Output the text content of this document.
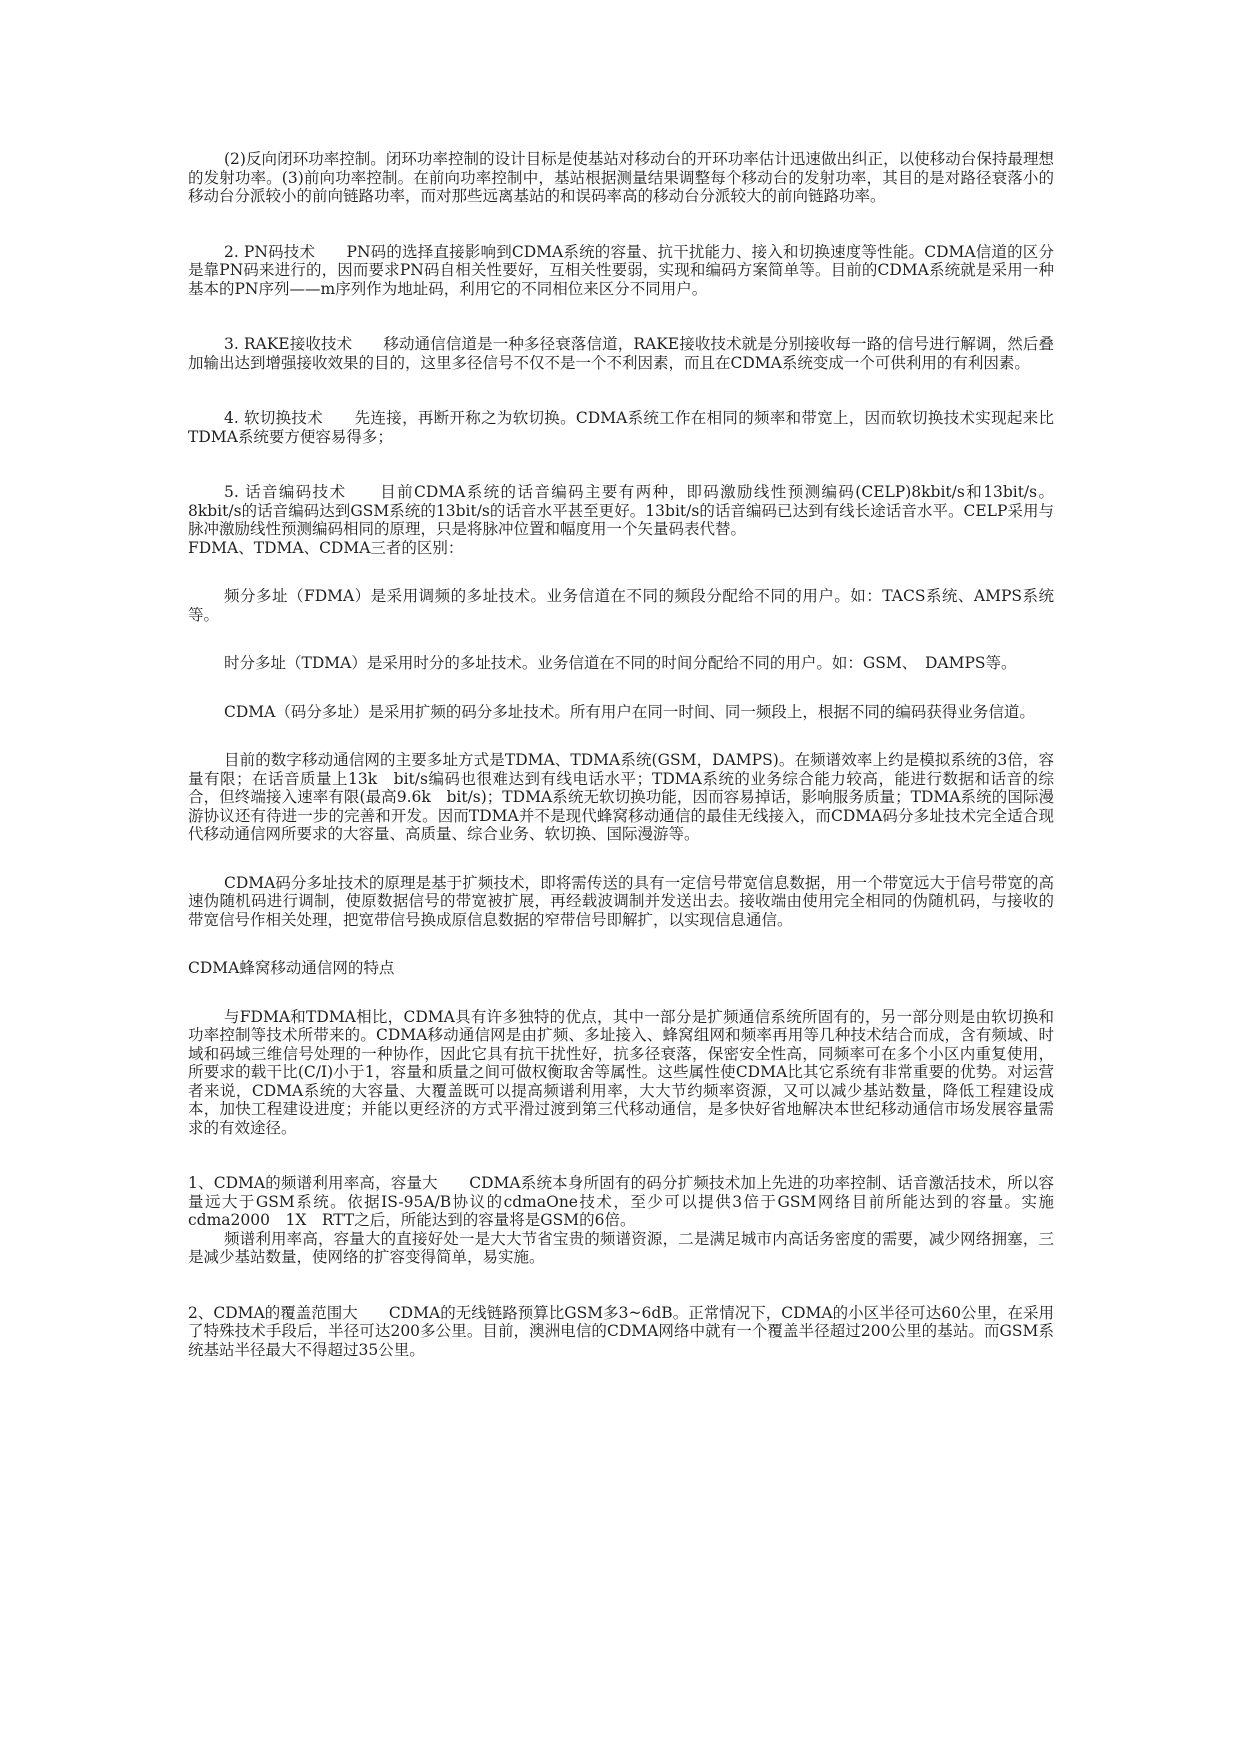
(2)反向闭环功率控制。闭环功率控制的设计目标是使基站对移动台的开环功率估计迅速做出纠正，以使移动台保持最理想的发射功率。(3)前向功率控制。在前向功率控制中，基站根据测量结果调整每个移动台的发射功率，其目的是对路径衰落小的移动台分派较小的前向链路功率，而对那些远离基站的和误码率高的移动台分派较大的前向链路功率。

2. PN码技术　　PN码的选择直接影响到CDMA系统的容量、抗干扰能力、接入和切换速度等性能。CDMA信道的区分是靠PN码来进行的，因而要求PN码自相关性要好，互相关性要弱，实现和编码方案简单等。目前的CDMA系统就是采用一种基本的PN序列——m序列作为地址码，利用它的不同相位来区分不同用户。

3. RAKE接收技术　　移动通信信道是一种多径衰落信道，RAKE接收技术就是分别接收每一路的信号进行解调，然后叠加输出达到增强接收效果的目的，这里多径信号不仅不是一个不利因素，而且在CDMA系统变成一个可供利用的有利因素。

4. 软切换技术　　先连接，再断开称之为软切换。CDMA系统工作在相同的频率和带宽上，因而软切换技术实现起来比TDMA系统要方便容易得多；

5. 话音编码技术　　目前CDMA系统的话音编码主要有两种，即码激励线性预测编码(CELP)8kbit/s和13bit/s。8kbit/s的话音编码达到GSM系统的13bit/s的话音水平甚至更好。13bit/s的话音编码已达到有线长途话音水平。CELP采用与脉冲激励线性预测编码相同的原理，只是将脉冲位置和幅度用一个矢量码表代替。

FDMA、TDMA、CDMA三者的区别：

频分多址（FDMA）是采用调频的多址技术。业务信道在不同的频段分配给不同的用户。如：TACS系统、AMPS系统等。

时分多址（TDMA）是采用时分的多址技术。业务信道在不同的时间分配给不同的用户。如：GSM、　DAMPS等。

CDMA（码分多址）是采用扩频的码分多址技术。所有用户在同一时间、同一频段上，根据不同的编码获得业务信道。

目前的数字移动通信网的主要多址方式是TDMA、TDMA系统(GSM，DAMPS)。在频谱效率上约是模拟系统的3倍，容量有限；在话音质量上13k　bit/s编码也很难达到有线电话水平；TDMA系统的业务综合能力较高，能进行数据和话音的综合，但终端接入速率有限(最高9.6k　bit/s)；TDMA系统无软切换功能，因而容易掉话，影响服务质量；TDMA系统的国际漫游协议还有待进一步的完善和开发。因而TDMA并不是现代蜂窝移动通信的最佳无线接入，而CDMA码分多址技术完全适合现代移动通信网所要求的大容量、高质量、综合业务、软切换、国际漫游等。

CDMA码分多址技术的原理是基于扩频技术，即将需传送的具有一定信号带宽信息数据，用一个带宽远大于信号带宽的高速伪随机码进行调制，使原数据信号的带宽被扩展，再经载波调制并发送出去。接收端由使用完全相同的伪随机码，与接收的带宽信号作相关处理，把宽带信号换成原信息数据的窄带信号即解扩，以实现信息通信。

CDMA蜂窝移动通信网的特点

与FDMA和TDMA相比，CDMA具有许多独特的优点，其中一部分是扩频通信系统所固有的，另一部分则是由软切换和功率控制等技术所带来的。CDMA移动通信网是由扩频、多址接入、蜂窝组网和频率再用等几种技术结合而成，含有频域、时域和码域三维信号处理的一种协作，因此它具有抗干扰性好，抗多径衰落，保密安全性高，同频率可在多个小区内重复使用，所要求的载干比(C/I)小于1，容量和质量之间可做权衡取舍等属性。这些属性使CDMA比其它系统有非常重要的优势。对运营者来说，CDMA系统的大容量、大覆盖既可以提高频谱利用率，大大节约频率资源，又可以减少基站数量，降低工程建设成本，加快工程建设进度；并能以更经济的方式平滑过渡到第三代移动通信，是多快好省地解决本世纪移动通信市场发展容量需求的有效途径。

1、CDMA的频谱利用率高，容量大　　CDMA系统本身所固有的码分扩频技术加上先进的功率控制、话音激活技术，所以容量远大于GSM系统。依据IS-95A/B协议的cdmaOne技术，至少可以提供3倍于GSM网络目前所能达到的容量。实施cdma2000　1X　RTT之后，所能达到的容量将是GSM的6倍。

频谱利用率高，容量大的直接好处一是大大节省宝贵的频谱资源，二是满足城市内高话务密度的需要，减少网络拥塞，三是减少基站数量，使网络的扩容变得简单，易实施。

2、CDMA的覆盖范围大　　CDMA的无线链路预算比GSM多3~6dB。正常情况下，CDMA的小区半径可达60公里，在采用了特殊技术手段后，半径可达200多公里。目前，澳洲电信的CDMA网络中就有一个覆盖半径超过200公里的基站。而GSM系统基站半径最大不得超过35公里。
